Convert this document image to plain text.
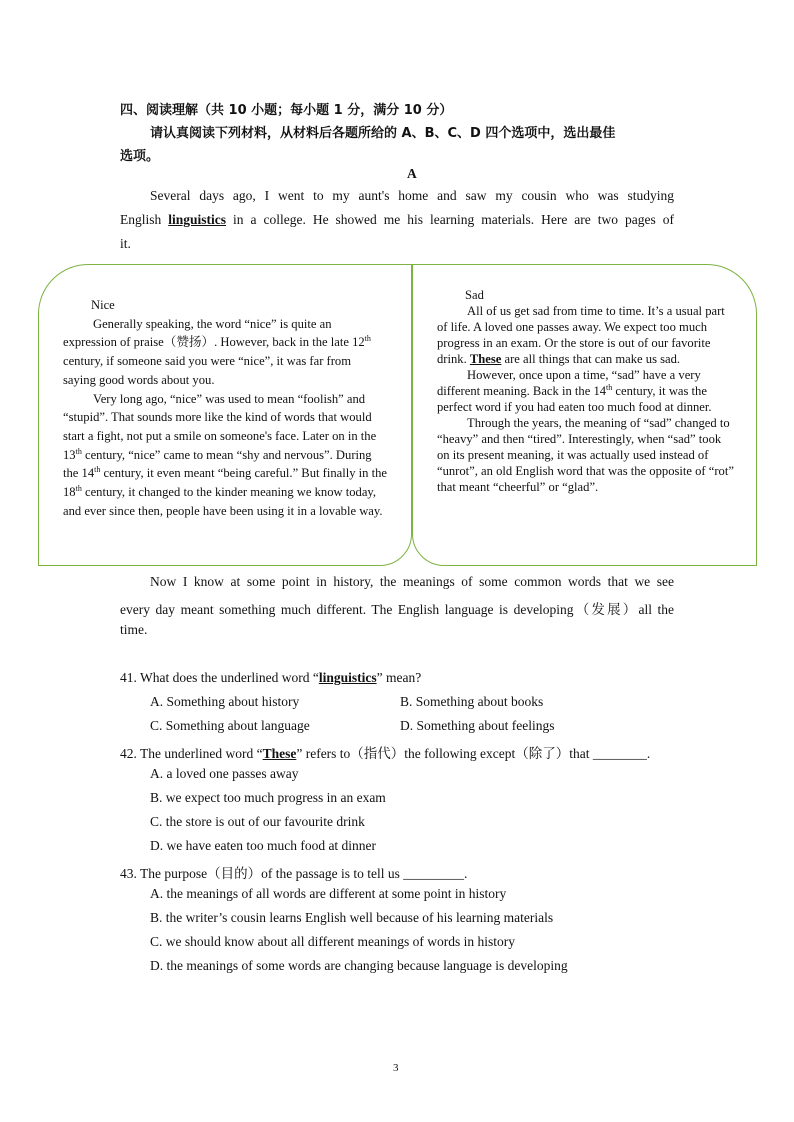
四、阅读理解（共 10 小题；每小题 1 分，满分 10 分）
请认真阅读下列材料，从材料后各题所给的 A、B、C、D 四个选项中，选出最佳
选项。
A
Several days ago, I went to my aunt's home and saw my cousin who was studying
English linguistics in a college. He showed me his learning materials. Here are two pages of
it.

Nice

Generally speaking, the word “nice” is quite an expression of praise（赞扬）. However, back in the late 12th century, if someone said you were “nice”, it was far from saying good words about you.

Very long ago, “nice” was used to mean “foolish” and “stupid”. That sounds more like the kind of words that would start a fight, not put a smile on someone's face. Later on in the 13th century, “nice” came to mean “shy and nervous”. During the 14th century, it even meant “being careful.” But finally in the 18th century, it changed to the kinder meaning we know today, and ever since then, people have been using it in a lovable way.

Sad

All of us get sad from time to time. It’s a usual part of life. A loved one passes away. We expect too much progress in an exam. Or the store is out of our favorite drink. These are all things that can make us sad.

However, once upon a time, “sad” have a very different meaning. Back in the 14th century, it was the perfect word if you had eaten too much food at dinner.

Through the years, the meaning of “sad” changed to “heavy” and then “tired”. Interestingly, when “sad” took on its present meaning, it was actually used instead of “unrot”, an old English word that was the opposite of “rot” that meant “cheerful” or “glad”.

Now I know at some point in history, the meanings of some common words that we see
every day meant something much different. The English language is developing（发展）all the
time.
41. What does the underlined word “linguistics” mean?
A. Something about history	B. Something about books
C. Something about language	D. Something about feelings
42. The underlined word “These” refers to（指代）the following except（除了）that ________.
A. a loved one passes away
B. we expect too much progress in an exam
C. the store is out of our favourite drink
D. we have eaten too much food at dinner
43. The purpose（目的）of the passage is to tell us _________.
A. the meanings of all words are different at some point in history
B. the writer’s cousin learns English well because of his learning materials
C. we should know about all different meanings of words in history
D. the meanings of some words are changing because language is developing
3
